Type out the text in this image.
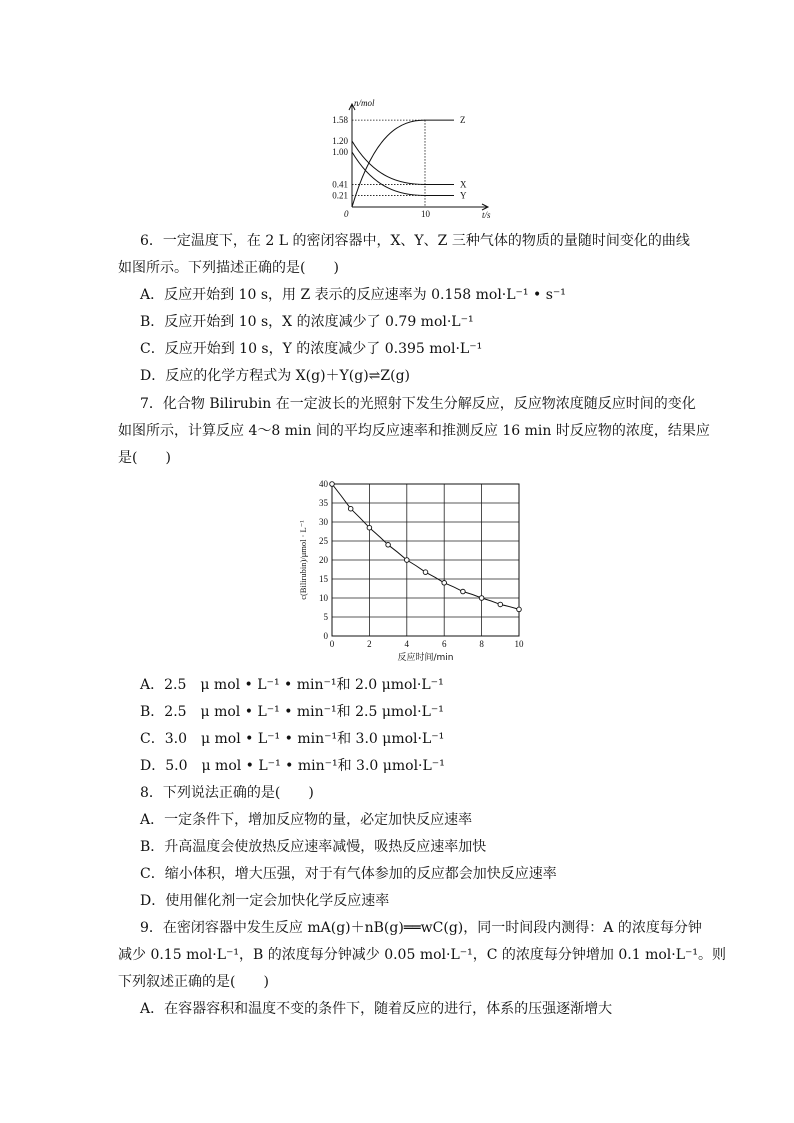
n/mol
t/s
0	10
1.58
1.20
1.00
0.41
0.21
Z
X
Y
6．一定温度下，在 2 L 的密闭容器中，X、Y、Z 三种气体的物质的量随时间变化的曲线
如图所示。下列描述正确的是(　　)
A．反应开始到 10 s，用 Z 表示的反应速率为 0.158 mol·L⁻¹ • s⁻¹
B．反应开始到 10 s，X 的浓度减少了 0.79 mol·L⁻¹
C．反应开始到 10 s，Y 的浓度减少了 0.395 mol·L⁻¹
D．反应的化学方程式为 X(g)＋Y(g)⇌Z(g)
7．化合物 Bilirubin 在一定波长的光照射下发生分解反应，反应物浓度随反应时间的变化
如图所示，计算反应 4～8 min 间的平均反应速率和推测反应 16 min 时反应物的浓度，结果应
是(　　)
0
5
10
15
20
25
30
35
40
0	2	4	6	8	10
反应时间/min
c(Bilirubin)/μmol · L⁻¹
A．2.5　μ mol • L⁻¹ • min⁻¹和 2.0 μmol·L⁻¹
B．2.5　μ mol • L⁻¹ • min⁻¹和 2.5 μmol·L⁻¹
C．3.0　μ mol • L⁻¹ • min⁻¹和 3.0 μmol·L⁻¹
D．5.0　μ mol • L⁻¹ • min⁻¹和 3.0 μmol·L⁻¹
8．下列说法正确的是(　　)
A．一定条件下，增加反应物的量，必定加快反应速率
B．升高温度会使放热反应速率减慢，吸热反应速率加快
C．缩小体积，增大压强，对于有气体参加的反应都会加快反应速率
D．使用催化剂一定会加快化学反应速率
9．在密闭容器中发生反应 mA(g)＋nB(g)══wC(g)，同一时间段内测得：A 的浓度每分钟
减少 0.15 mol·L⁻¹，B 的浓度每分钟减少 0.05 mol·L⁻¹，C 的浓度每分钟增加 0.1 mol·L⁻¹。则
下列叙述正确的是(　　)
A．在容器容积和温度不变的条件下，随着反应的进行，体系的压强逐渐增大
